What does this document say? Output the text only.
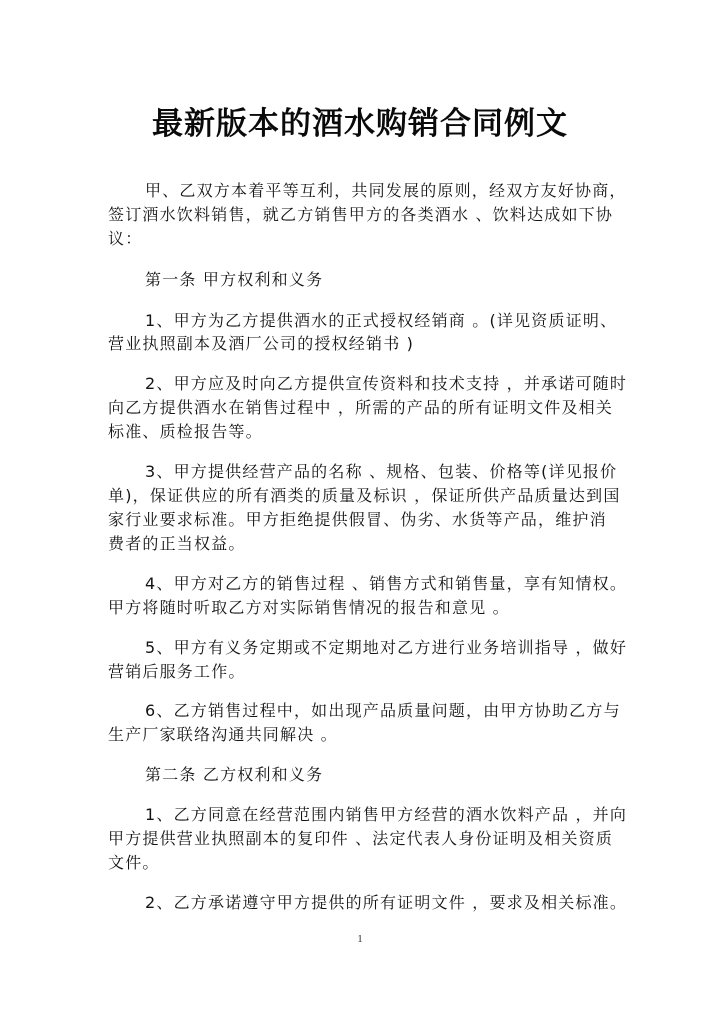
最新版本的酒水购销合同例文
甲、乙双方本着平等互利，共同发展的原则，经双方友好协商，
签订酒水饮料销售，就乙方销售甲方的各类酒水 、饮料达成如下协
议：
第一条 甲方权利和义务
1、甲方为乙方提供酒水的正式授权经销商 。(详见资质证明、
营业执照副本及酒厂公司的授权经销书 )
2、甲方应及时向乙方提供宣传资料和技术支持 ，并承诺可随时
向乙方提供酒水在销售过程中 ，所需的产品的所有证明文件及相关
标准、质检报告等。
3、甲方提供经营产品的名称 、规格、包装、价格等(详见报价
单)，保证供应的所有酒类的质量及标识 ，保证所供产品质量达到国
家行业要求标准。甲方拒绝提供假冒、伪劣、水货等产品，维护消
费者的正当权益。
4、甲方对乙方的销售过程 、销售方式和销售量，享有知情权。
甲方将随时听取乙方对实际销售情况的报告和意见 。
5、甲方有义务定期或不定期地对乙方进行业务培训指导 ，做好
营销后服务工作。
6、乙方销售过程中，如出现产品质量问题，由甲方协助乙方与
生产厂家联络沟通共同解决 。
第二条 乙方权利和义务
1、乙方同意在经营范围内销售甲方经营的酒水饮料产品 ，并向
甲方提供营业执照副本的复印件 、法定代表人身份证明及相关资质
文件。
2、乙方承诺遵守甲方提供的所有证明文件 ，要求及相关标准。
1
